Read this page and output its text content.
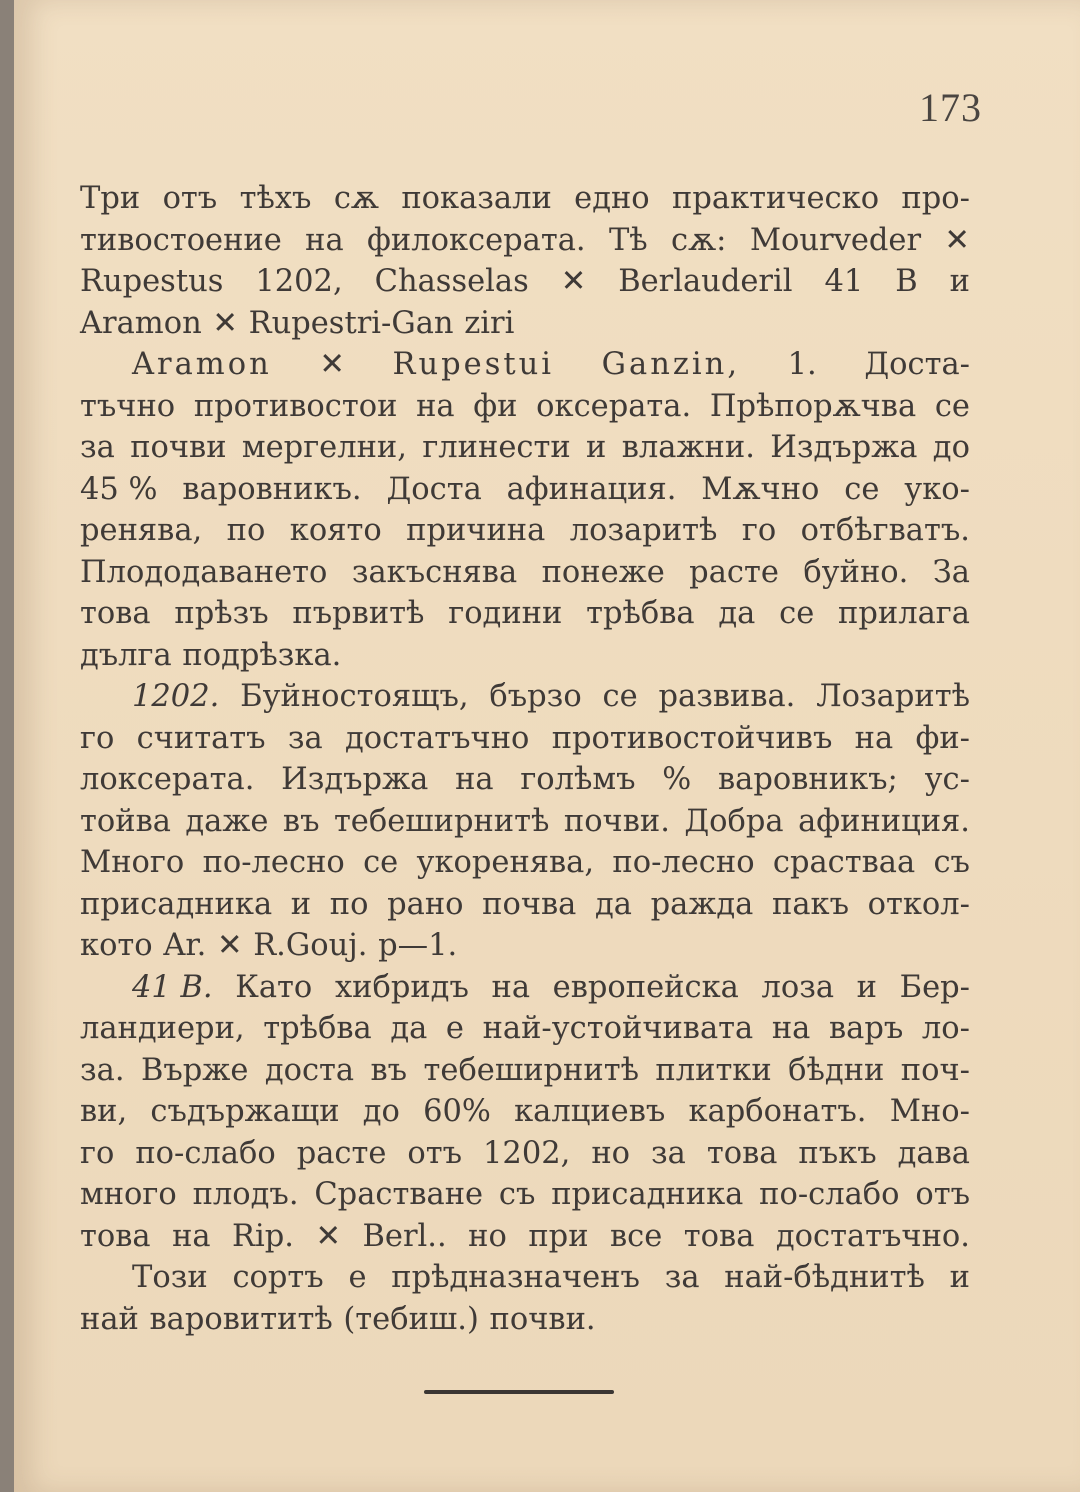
173
Три отъ тѣхъ сѫ показали едно практическо про-
тивостоение на филоксерата. Тѣ сѫ: Mourveder ✕
Rupestus 1202, Chasselas ✕ Berlauderil 41 B и
Aramon ✕ Rupestri-Gan ziri
Aramon ✕ Rupestui Ganzin, 1. Доста-
тъчно противостои на фи оксерата. Прѣпорѫчва се
за почви мергелни, глинести и влажни. Издържа до
45 % варовникъ. Доста афинация. Мѫчно се уко-
ренява, по която причина лозаритѣ го отбѣгватъ.
Плододаването закъснява понеже расте буйно. За
това прѣзъ първитѣ години трѣбва да се прилага
дълга подрѣзка.
1202. Буйностоящъ, бързо се развива. Лозаритѣ
го считатъ за достатъчно противостойчивъ на фи-
локсерата. Издържа на голѣмъ % варовникъ; ус-
тойва даже въ тебеширнитѣ почви. Добра афиниция.
Много по-лесно се укоренява, по-лесно срастваа съ
присадника и по рано почва да ражда пакъ откол-
кото Ar. ✕ R.Gouj. p—1.
41 B. Като хибридъ на европейска лоза и Бер-
ландиери, трѣбва да е най-устойчивата на варъ ло-
за. Вържe доста въ тебеширнитѣ плитки бѣдни поч-
ви, съдържащи до 60% калциевъ карбонатъ. Мно-
го по-слабо расте отъ 1202, но за това пъкъ дава
много плодъ. Срастване съ присадника по-слабо отъ
това на Rip. ✕ Berl.. но при все това достатъчно.
Този сортъ е прѣдназначенъ за най-бѣднитѣ и
най варовититѣ (тебиш.) почви.
